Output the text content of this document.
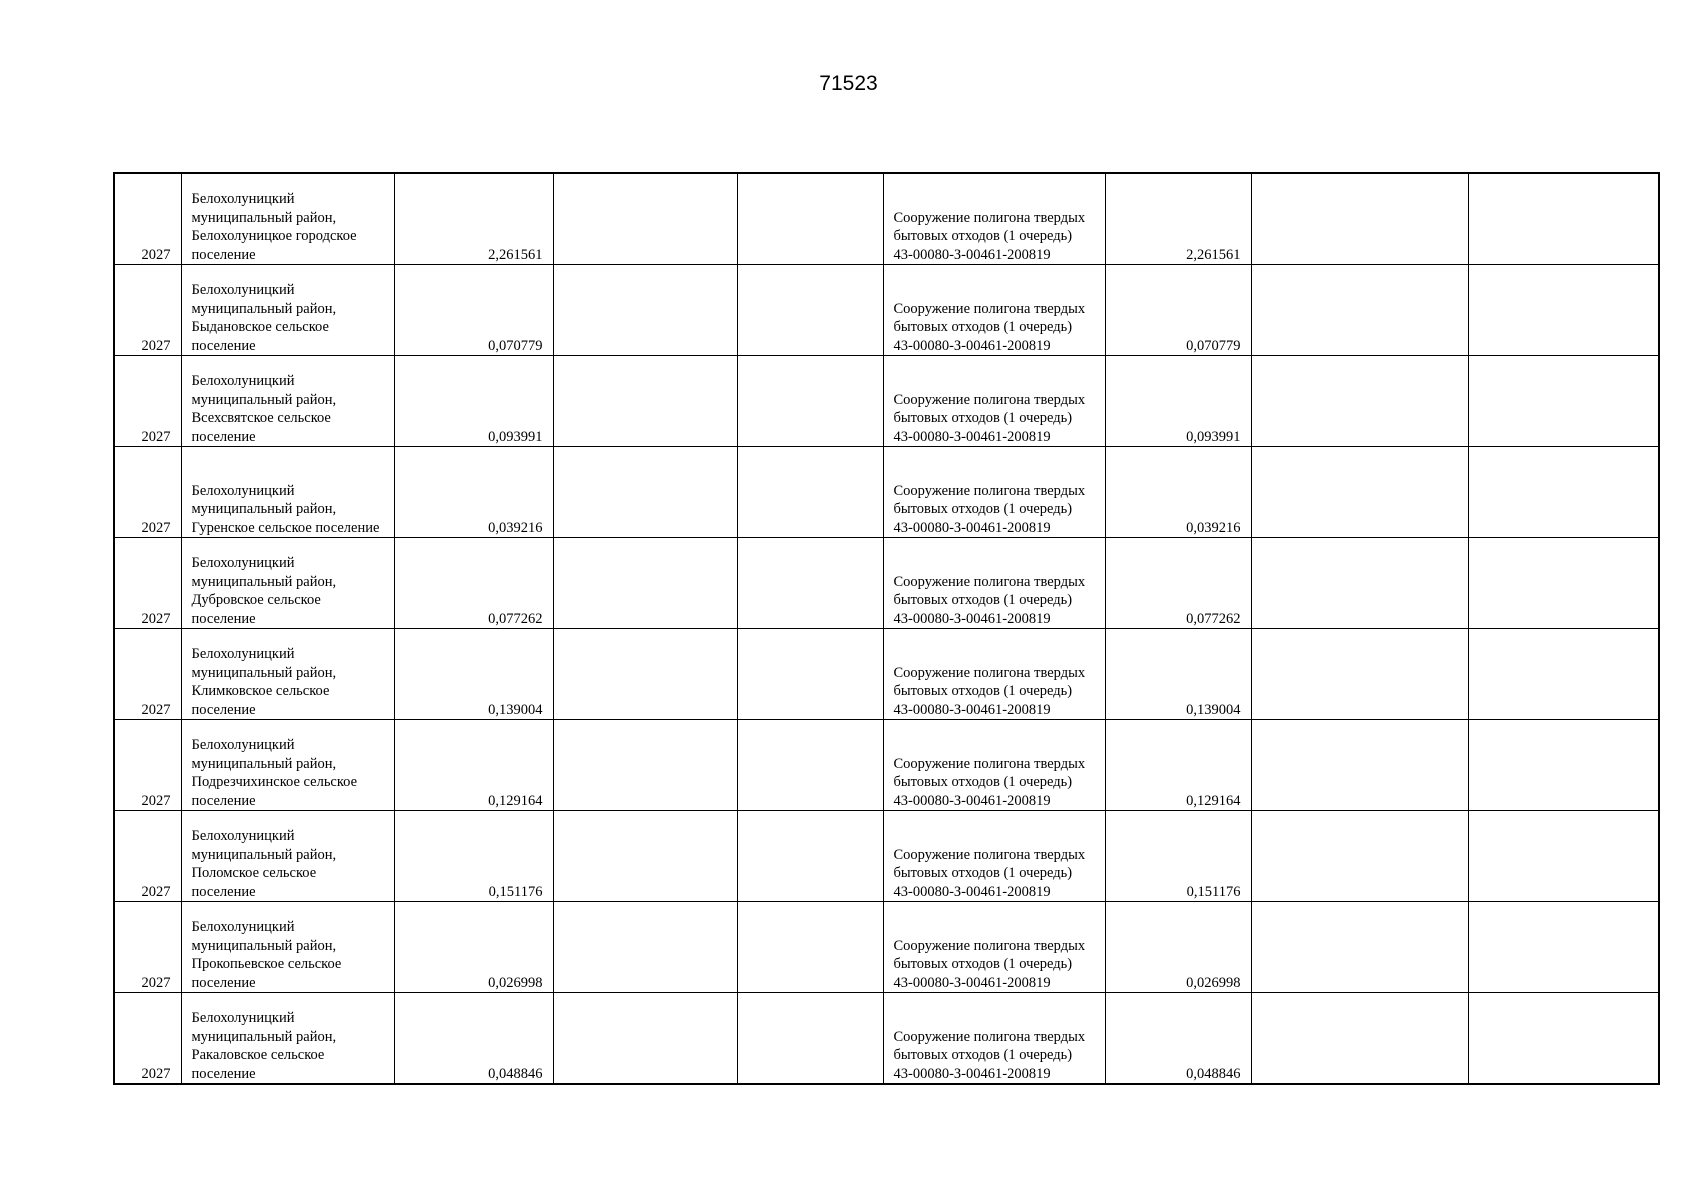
71523
2027	Белохолуницкий муниципальный район, Белохолуницкое городское поселение	2,261561			Сооружение полигона твердых бытовых отходов (1 очередь) 43-00080-З-00461-200819	2,261561		
2027	Белохолуницкий муниципальный район, Быдановское сельское поселение	0,070779			Сооружение полигона твердых бытовых отходов (1 очередь) 43-00080-З-00461-200819	0,070779		
2027	Белохолуницкий муниципальный район, Всехсвятское сельское поселение	0,093991			Сооружение полигона твердых бытовых отходов (1 очередь) 43-00080-З-00461-200819	0,093991		
2027	Белохолуницкий муниципальный район, Гуренское сельское поселение	0,039216			Сооружение полигона твердых бытовых отходов (1 очередь) 43-00080-З-00461-200819	0,039216		
2027	Белохолуницкий муниципальный район, Дубровское сельское поселение	0,077262			Сооружение полигона твердых бытовых отходов (1 очередь) 43-00080-З-00461-200819	0,077262		
2027	Белохолуницкий муниципальный район, Климковское сельское поселение	0,139004			Сооружение полигона твердых бытовых отходов (1 очередь) 43-00080-З-00461-200819	0,139004		
2027	Белохолуницкий муниципальный район, Подрезчихинское сельское поселение	0,129164			Сооружение полигона твердых бытовых отходов (1 очередь) 43-00080-З-00461-200819	0,129164		
2027	Белохолуницкий муниципальный район, Поломское сельское поселение	0,151176			Сооружение полигона твердых бытовых отходов (1 очередь) 43-00080-З-00461-200819	0,151176		
2027	Белохолуницкий муниципальный район, Прокопьевское сельское поселение	0,026998			Сооружение полигона твердых бытовых отходов (1 очередь) 43-00080-З-00461-200819	0,026998		
2027	Белохолуницкий муниципальный район, Ракаловское сельское поселение	0,048846			Сооружение полигона твердых бытовых отходов (1 очередь) 43-00080-З-00461-200819	0,048846		
